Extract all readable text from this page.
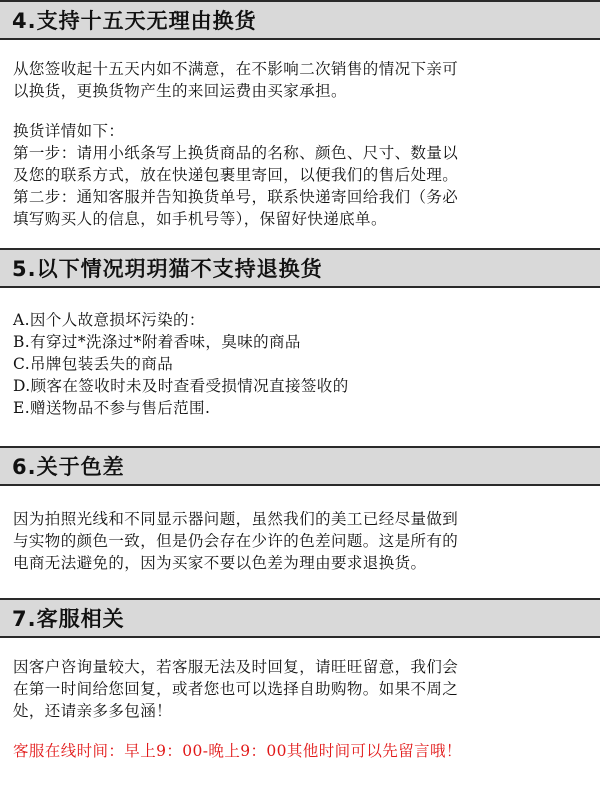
4.支持十五天无理由换货

从您签收起十五天内如不满意，在不影响二次销售的情况下亲可

以换货，更换货物产生的来回运费由买家承担。

换货详情如下：

第一步：请用小纸条写上换货商品的名称、颜色、尺寸、数量以

及您的联系方式，放在快递包裹里寄回，以便我们的售后处理。

第二步：通知客服并告知换货单号，联系快递寄回给我们（务必

填写购买人的信息，如手机号等），保留好快递底单。

5.以下情况玥玥猫不支持退换货

A.因个人故意损坏污染的：

B.有穿过*洗涤过*附着香味，臭味的商品

C.吊牌包装丢失的商品

D.顾客在签收时未及时查看受损情况直接签收的

E.赠送物品不参与售后范围.

6.关于色差

因为拍照光线和不同显示器问题，虽然我们的美工已经尽量做到

与实物的颜色一致，但是仍会存在少许的色差问题。这是所有的

电商无法避免的，因为买家不要以色差为理由要求退换货。

7.客服相关

因客户咨询量较大，若客服无法及时回复，请旺旺留意，我们会

在第一时间给您回复，或者您也可以选择自助购物。如果不周之

处，还请亲多多包涵！

客服在线时间：早上9：00-晚上9：00其他时间可以先留言哦！
